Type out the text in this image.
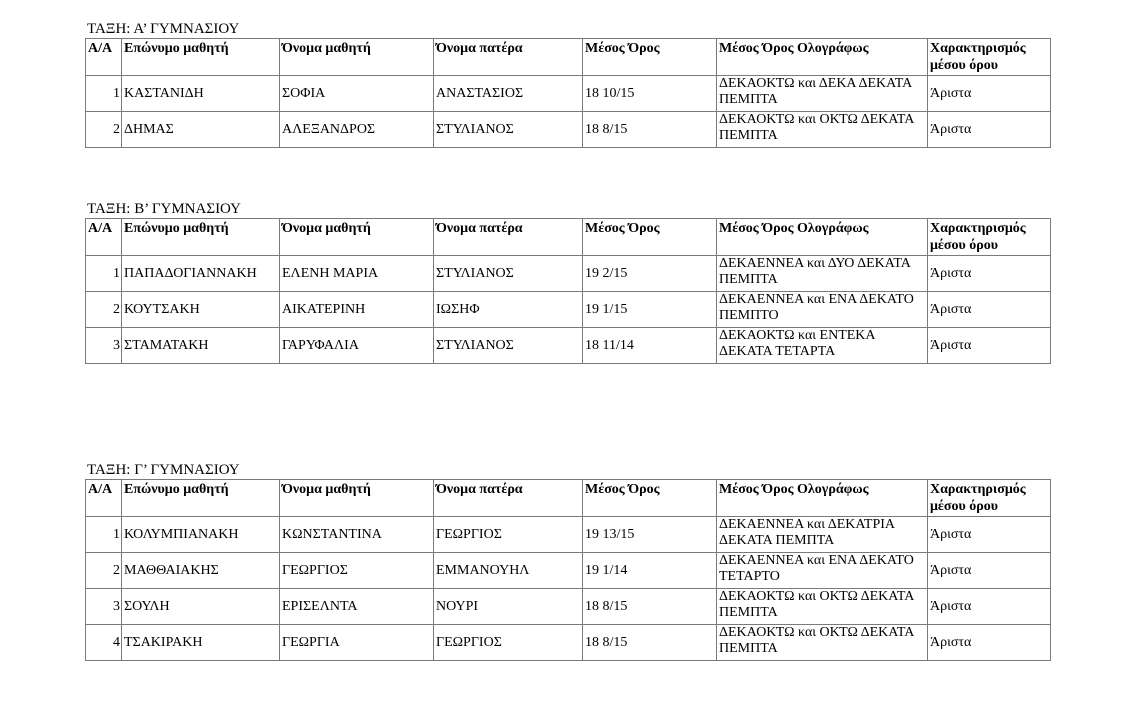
ΤΑΞΗ: Α’ ΓΥΜΝΑΣΙΟΥ
Α/Α	Επώνυμο μαθητή	Όνομα μαθητή	Όνομα πατέρα	Μέσος Όρος	Μέσος Όρος Ολογράφως	Χαρακτηρισμός μέσου όρου
1	ΚΑΣΤΑΝΙΔΗ	ΣΟΦΙΑ	ΑΝΑΣΤΑΣΙΟΣ	18 10/15	ΔΕΚΑΟΚΤΩ και ΔΕΚΑ ΔΕΚΑΤΑ ΠΕΜΠΤΑ	Άριστα
2	ΔΗΜΑΣ	ΑΛΕΞΑΝΔΡΟΣ	ΣΤΥΛΙΑΝΟΣ	18 8/15	ΔΕΚΑΟΚΤΩ και ΟΚΤΩ ΔΕΚΑΤΑ ΠΕΜΠΤΑ	Άριστα
ΤΑΞΗ: Β’ ΓΥΜΝΑΣΙΟΥ
Α/Α	Επώνυμο μαθητή	Όνομα μαθητή	Όνομα πατέρα	Μέσος Όρος	Μέσος Όρος Ολογράφως	Χαρακτηρισμός μέσου όρου
1	ΠΑΠΑΔΟΓΙΑΝΝΑΚΗ	ΕΛΕΝΗ ΜΑΡΙΑ	ΣΤΥΛΙΑΝΟΣ	19 2/15	ΔΕΚΑΕΝΝΕΑ και ΔΥΟ ΔΕΚΑΤΑ ΠΕΜΠΤΑ	Άριστα
2	ΚΟΥΤΣΑΚΗ	ΑΙΚΑΤΕΡΙΝΗ	ΙΩΣΗΦ	19 1/15	ΔΕΚΑΕΝΝΕΑ και ΕΝΑ ΔΕΚΑΤΟ ΠΕΜΠΤΟ	Άριστα
3	ΣΤΑΜΑΤΑΚΗ	ΓΑΡΥΦΑΛΙΑ	ΣΤΥΛΙΑΝΟΣ	18 11/14	ΔΕΚΑΟΚΤΩ και ΕΝΤΕΚΑ ΔΕΚΑΤΑ ΤΕΤΑΡΤΑ	Άριστα
ΤΑΞΗ: Γ’ ΓΥΜΝΑΣΙΟΥ
Α/Α	Επώνυμο μαθητή	Όνομα μαθητή	Όνομα πατέρα	Μέσος Όρος	Μέσος Όρος Ολογράφως	Χαρακτηρισμός μέσου όρου
1	ΚΟΛΥΜΠΙΑΝΑΚΗ	ΚΩΝΣΤΑΝΤΙΝΑ	ΓΕΩΡΓΙΟΣ	19 13/15	ΔΕΚΑΕΝΝΕΑ και ΔΕΚΑΤΡΙΑ ΔΕΚΑΤΑ ΠΕΜΠΤΑ	Άριστα
2	ΜΑΘΘΑΙΑΚΗΣ	ΓΕΩΡΓΙΟΣ	ΕΜΜΑΝΟΥΗΛ	19 1/14	ΔΕΚΑΕΝΝΕΑ και ΕΝΑ ΔΕΚΑΤΟ ΤΕΤΑΡΤΟ	Άριστα
3	ΣΟΥΛΗ	ΕΡΙΣΕΛΝΤΑ	ΝΟΥΡΙ	18 8/15	ΔΕΚΑΟΚΤΩ και ΟΚΤΩ ΔΕΚΑΤΑ ΠΕΜΠΤΑ	Άριστα
4	ΤΣΑΚΙΡΑΚΗ	ΓΕΩΡΓΙΑ	ΓΕΩΡΓΙΟΣ	18 8/15	ΔΕΚΑΟΚΤΩ και ΟΚΤΩ ΔΕΚΑΤΑ ΠΕΜΠΤΑ	Άριστα
